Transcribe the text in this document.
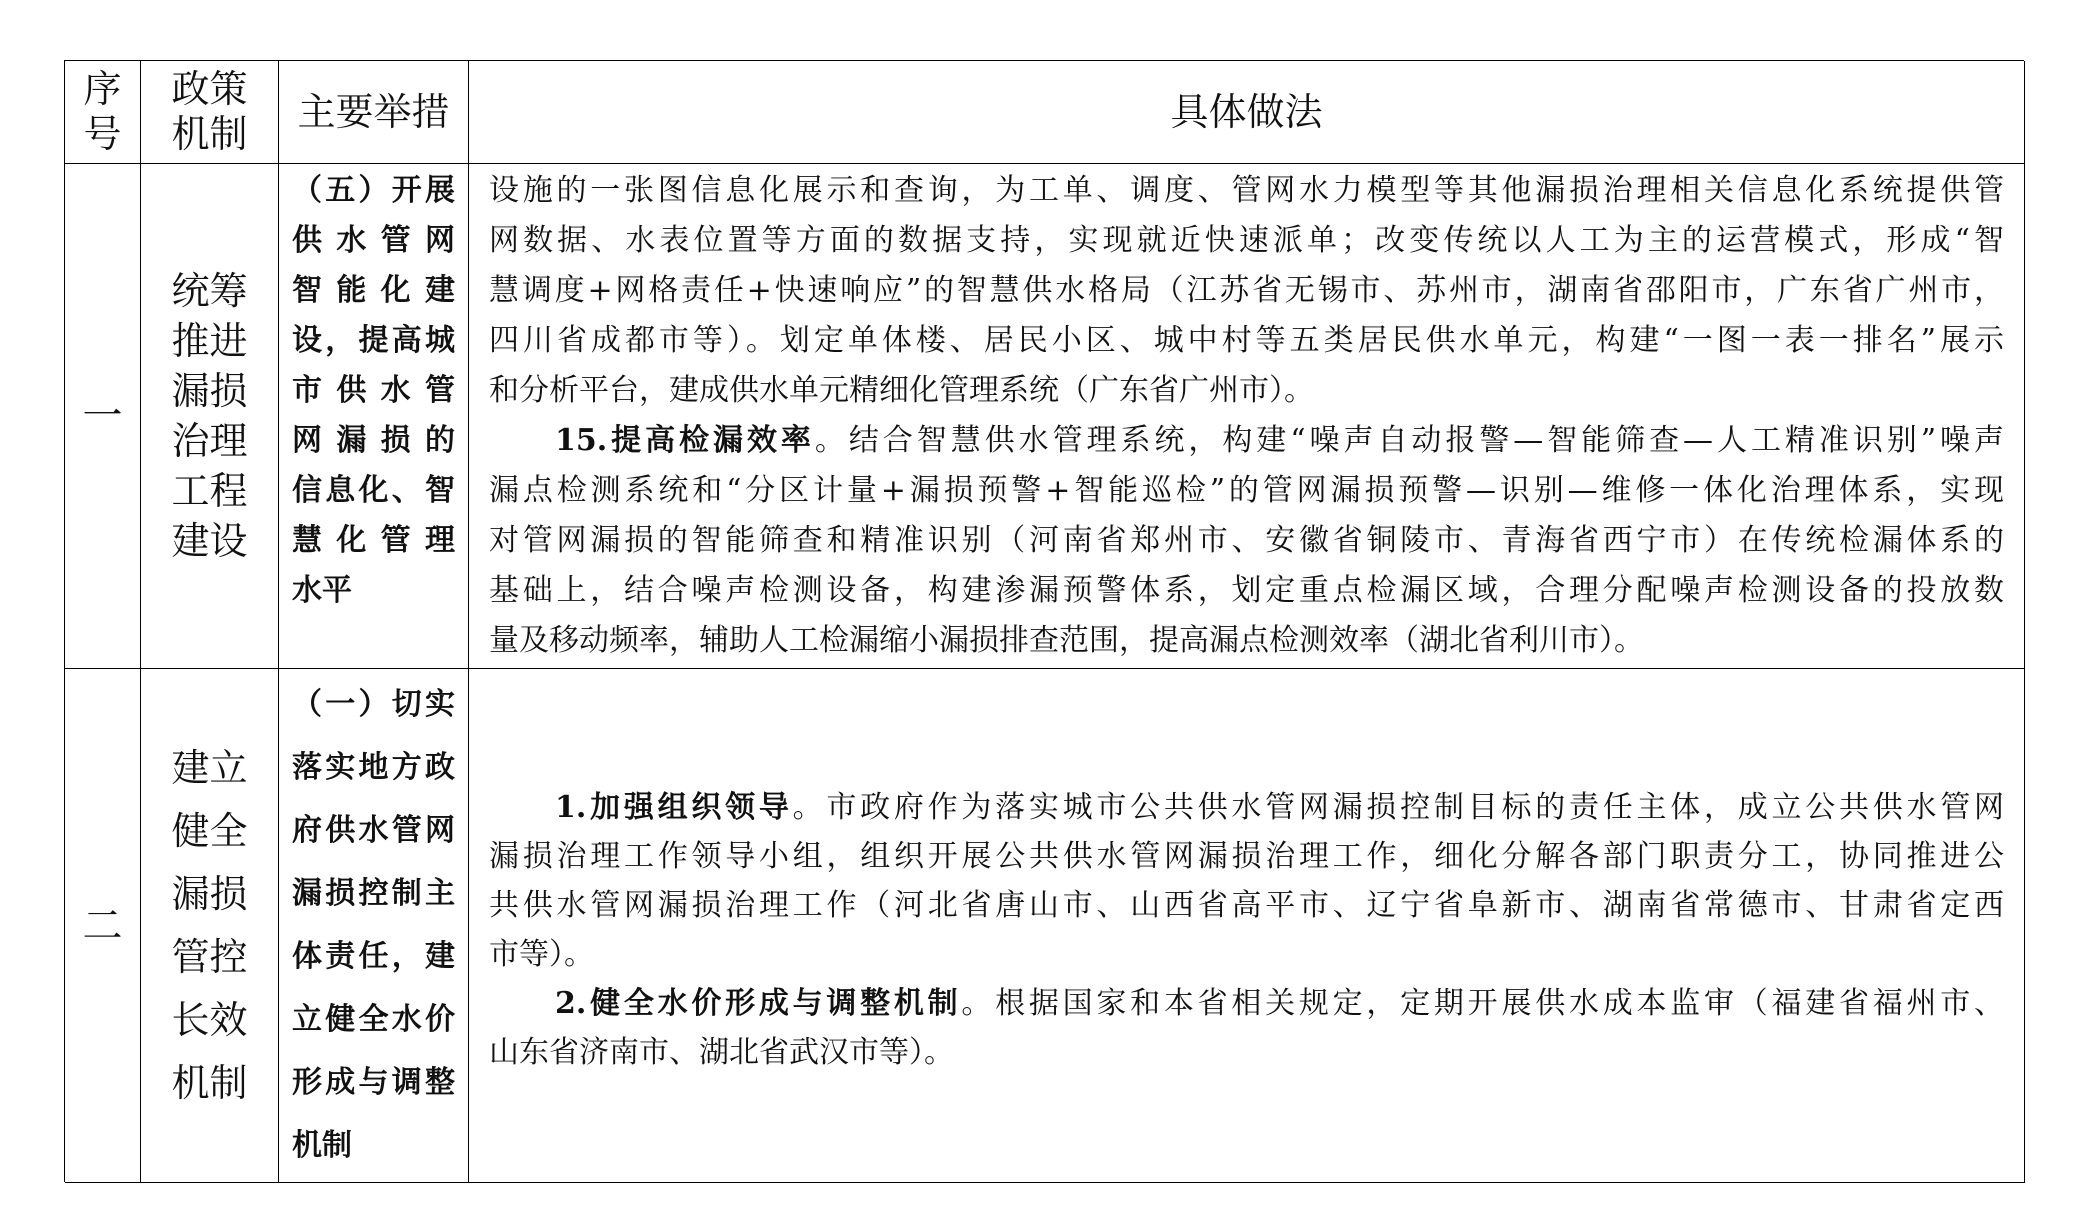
序
号
政策
机制
主要举措	具体做法
一
统筹
推进
漏损
治理
工程
建设
（五）开展
供水管网
智能化建
设，提高城
市供水管
网漏损的
信息化、智
慧化管理
水平
设施的一张图信息化展示和查询，为工单、调度、管网水力模型等其他漏损治理相关信息化系统提供管
网数据、水表位置等方面的数据支持，实现就近快速派单；改变传统以人工为主的运营模式，形成“智
慧调度+网格责任+快速响应”的智慧供水格局（江苏省无锡市、苏州市，湖南省邵阳市，广东省广州市，
四川省成都市等）。划定单体楼、居民小区、城中村等五类居民供水单元，构建“一图一表一排名”展示
和分析平台，建成供水单元精细化管理系统（广东省广州市）。
15.提高检漏效率。结合智慧供水管理系统，构建“噪声自动报警—智能筛查—人工精准识别”噪声
漏点检测系统和“分区计量+漏损预警+智能巡检”的管网漏损预警—识别—维修一体化治理体系，实现
对管网漏损的智能筛查和精准识别（河南省郑州市、安徽省铜陵市、青海省西宁市）在传统检漏体系的
基础上，结合噪声检测设备，构建渗漏预警体系，划定重点检漏区域，合理分配噪声检测设备的投放数
量及移动频率，辅助人工检漏缩小漏损排查范围，提高漏点检测效率（湖北省利川市）。
二
建立
健全
漏损
管控
长效
机制
（一）切实
落实地方政
府供水管网
漏损控制主
体责任，建
立健全水价
形成与调整
机制
1.加强组织领导。市政府作为落实城市公共供水管网漏损控制目标的责任主体，成立公共供水管网
漏损治理工作领导小组，组织开展公共供水管网漏损治理工作，细化分解各部门职责分工，协同推进公
共供水管网漏损治理工作（河北省唐山市、山西省高平市、辽宁省阜新市、湖南省常德市、甘肃省定西
市等）。
2.健全水价形成与调整机制。根据国家和本省相关规定，定期开展供水成本监审（福建省福州市、
山东省济南市、湖北省武汉市等）。
